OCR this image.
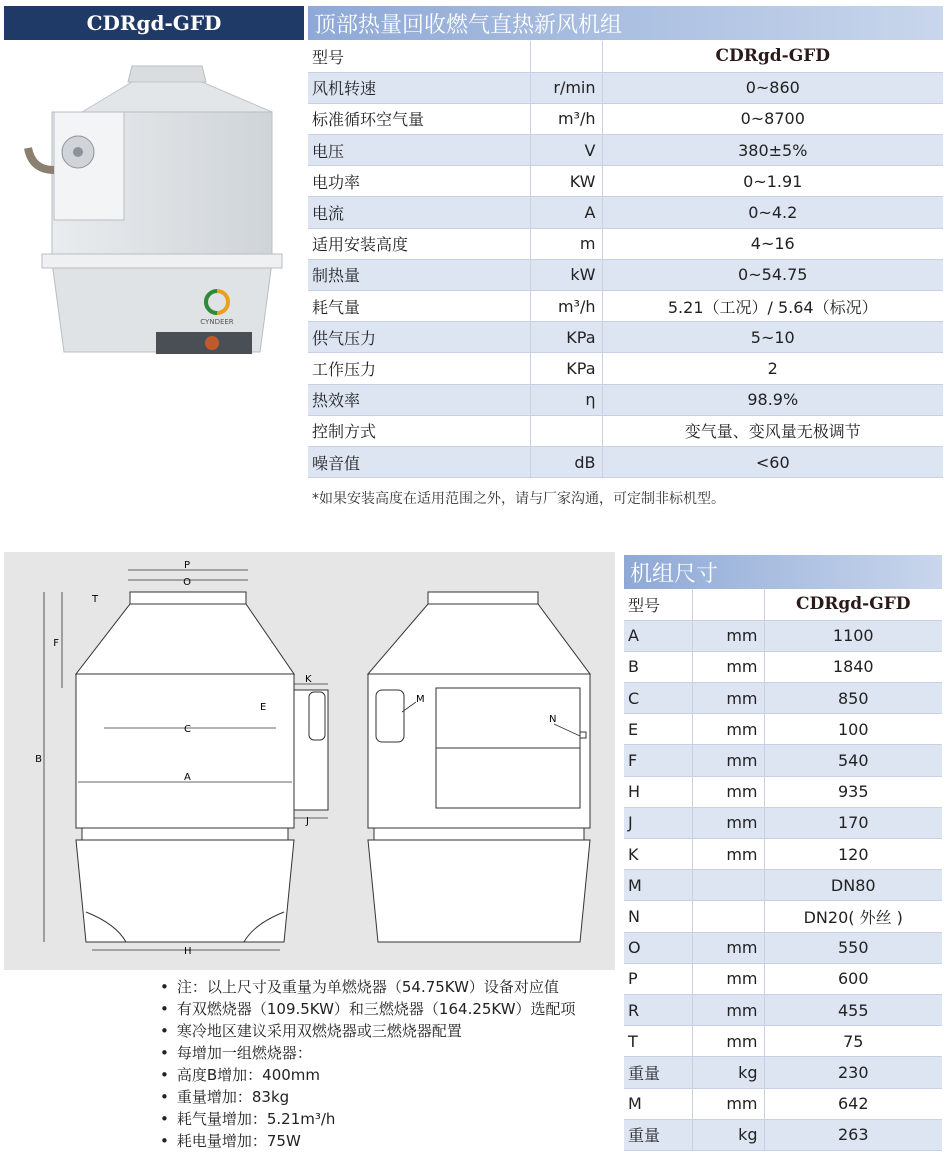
CDRgd-GFD	顶部热量回收燃气直热新风机组
CYNDEER
型号		CDRgd-GFD
风机转速	r/min	0~860
标准循环空气量	m³/h	0~8700
电压	V	380±5%
电功率	KW	0~1.91
电流	A	0~4.2
适用安装高度	m	4~16
制热量	kW	0~54.75
耗气量	m³/h	5.21（工况）/ 5.64（标况）
供气压力	KPa	5~10
工作压力	KPa	2
热效率	η	98.9%
控制方式		变气量、变风量无极调节
噪音值	dB	<60
*如果安装高度在适用范围之外，请与厂家沟通，可定制非标机型。
P
O
T
F
B
K
E
C
A
J
H
M
N
机组尺寸
型号		CDRgd-GFD
A	mm	1100
B	mm	1840
C	mm	850
E	mm	100
F	mm	540
H	mm	935
J	mm	170
K	mm	120
M		DN80
N		DN20( 外丝 )
O	mm	550
P	mm	600
R	mm	455
T	mm	75
重量	kg	230
M	mm	642
重量	kg	263
• 注：以上尺寸及重量为单燃烧器（54.75KW）设备对应值
• 有双燃烧器（109.5KW）和三燃烧器（164.25KW）选配项
• 寒冷地区建议采用双燃烧器或三燃烧器配置
• 每增加一组燃烧器：
• 高度B增加：400mm
• 重量增加：83kg
• 耗气量增加：5.21m³/h
• 耗电量增加：75W
